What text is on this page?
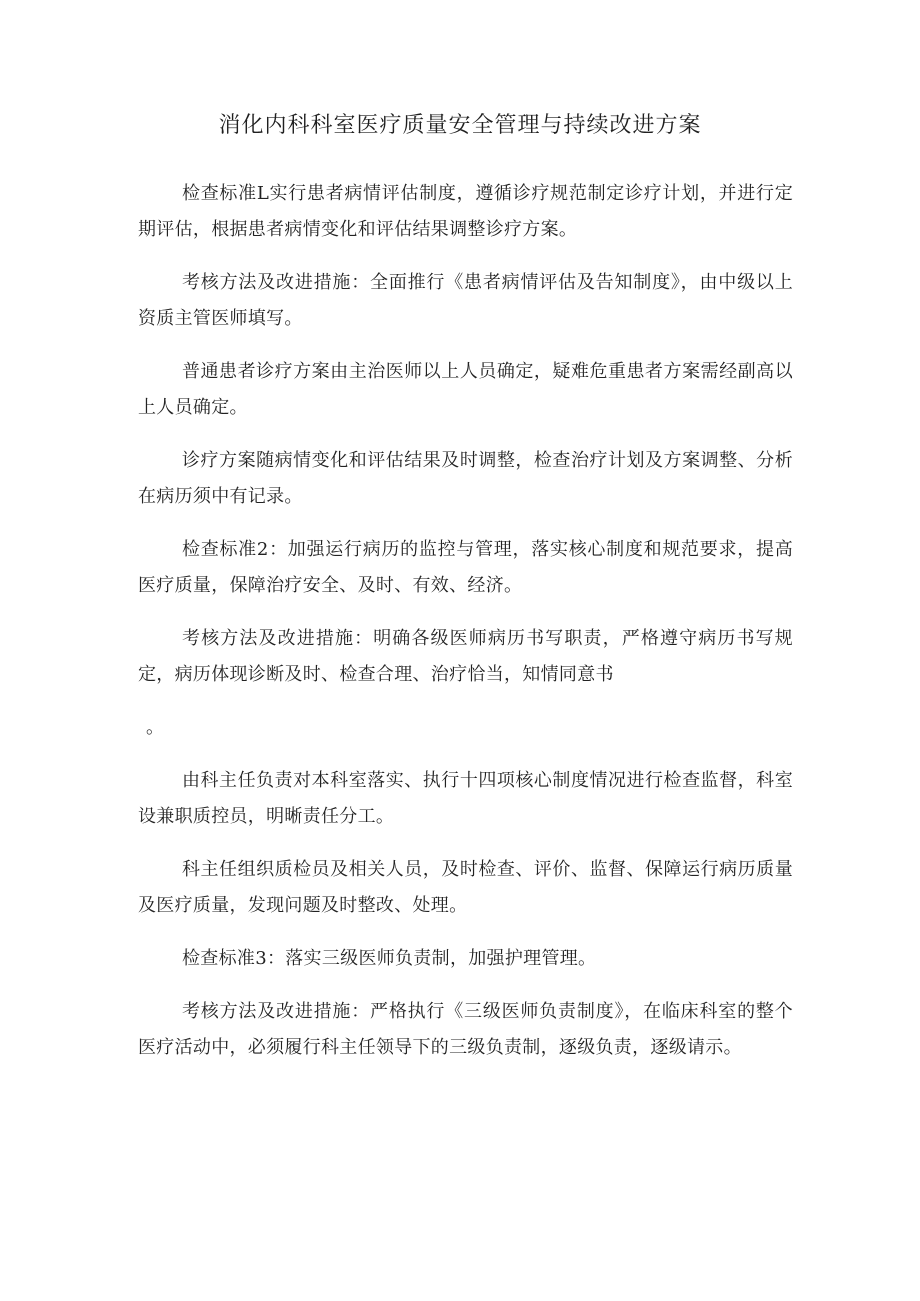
消化内科科室医疗质量安全管理与持续改进方案

检查标准L实行患者病情评估制度，遵循诊疗规范制定诊疗计划，并进行定期评估，根据患者病情变化和评估结果调整诊疗方案。

考核方法及改进措施：全面推行《患者病情评估及告知制度》，由中级以上资质主管医师填写。

普通患者诊疗方案由主治医师以上人员确定，疑难危重患者方案需经副高以上人员确定。

诊疗方案随病情变化和评估结果及时调整，检查治疗计划及方案调整、分析在病历须中有记录。

检查标准2：加强运行病历的监控与管理，落实核心制度和规范要求，提高医疗质量，保障治疗安全、及时、有效、经济。

考核方法及改进措施：明确各级医师病历书写职责，严格遵守病历书写规定，病历体现诊断及时、检查合理、治疗恰当，知情同意书

。

由科主任负责对本科室落实、执行十四项核心制度情况进行检查监督，科室设兼职质控员，明晰责任分工。

科主任组织质检员及相关人员，及时检查、评价、监督、保障运行病历质量及医疗质量，发现问题及时整改、处理。

检查标准3：落实三级医师负责制，加强护理管理。

考核方法及改进措施：严格执行《三级医师负责制度》，在临床科室的整个医疗活动中，必须履行科主任领导下的三级负责制，逐级负责，逐级请示。
